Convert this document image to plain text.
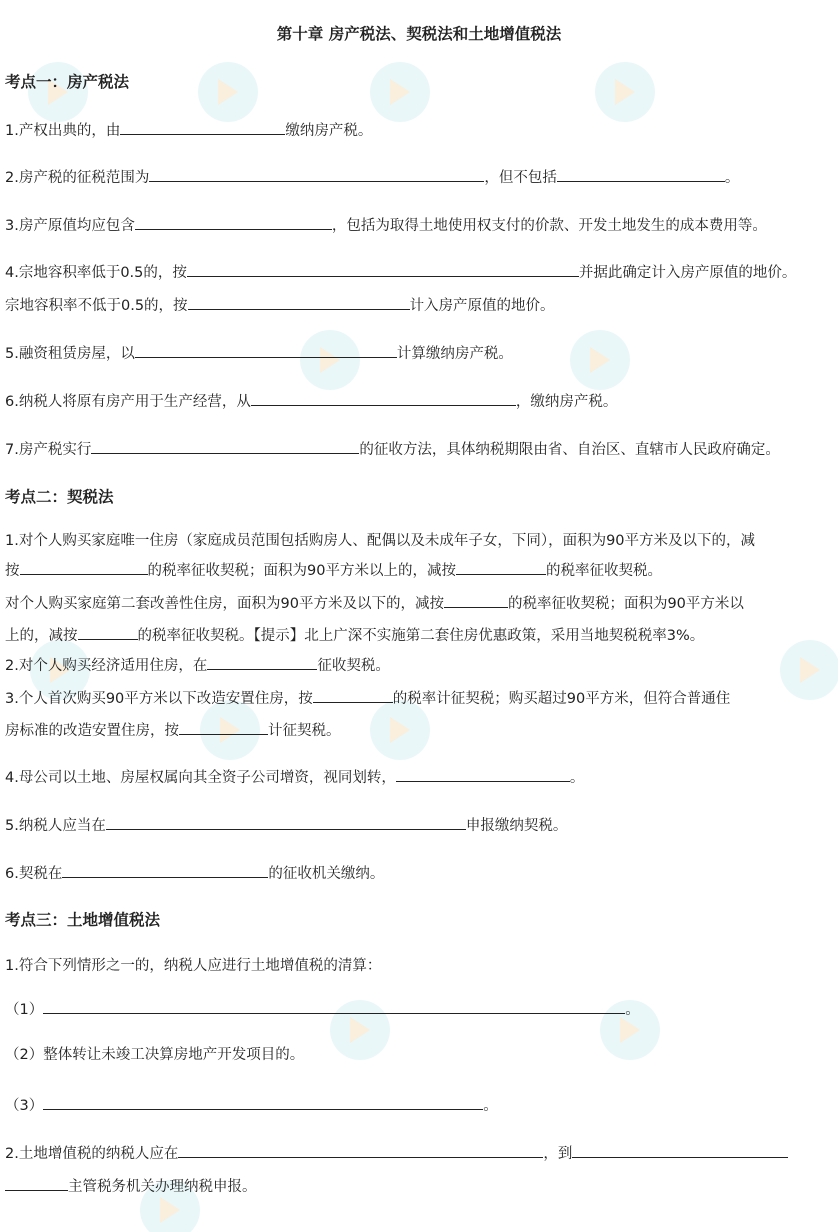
第十章 房产税法、契税法和土地增值税法
考点一：房产税法
1.产权出典的，由	缴纳房产税。
2.房产税的征税范围为	，但不包括	。
3.房产原值均应包含	，包括为取得土地使用权支付的价款、开发土地发生的成本费用等。
4.宗地容积率低于0.5的，按	并据此确定计入房产原值的地价。
宗地容积率不低于0.5的，按	计入房产原值的地价。
5.融资租赁房屋，以	计算缴纳房产税。
6.纳税人将原有房产用于生产经营，从	，缴纳房产税。
7.房产税实行	的征收方法，具体纳税期限由省、自治区、直辖市人民政府确定。
考点二：契税法
1.对个人购买家庭唯一住房（家庭成员范围包括购房人、配偶以及未成年子女，下同），面积为90平方米及以下的，减
按	的税率征收契税；面积为90平方米以上的，减按	的税率征收契税。
对个人购买家庭第二套改善性住房，面积为90平方米及以下的，减按	的税率征收契税；面积为90平方米以
上的，减按	的税率征收契税。【提示】北上广深不实施第二套住房优惠政策，采用当地契税税率3%。
2.对个人购买经济适用住房，在	征收契税。
3.个人首次购买90平方米以下改造安置住房，按	的税率计征契税；购买超过90平方米，但符合普通住
房标准的改造安置住房，按	计征契税。
4.母公司以土地、房屋权属向其全资子公司增资，视同划转，	。
5.纳税人应当在	申报缴纳契税。
6.契税在	的征收机关缴纳。
考点三：土地增值税法
1.符合下列情形之一的，纳税人应进行土地增值税的清算：
（1）	。
（2）整体转让未竣工决算房地产开发项目的。
（3）	。
2.土地增值税的纳税人应在	，到
主管税务机关办理纳税申报。
